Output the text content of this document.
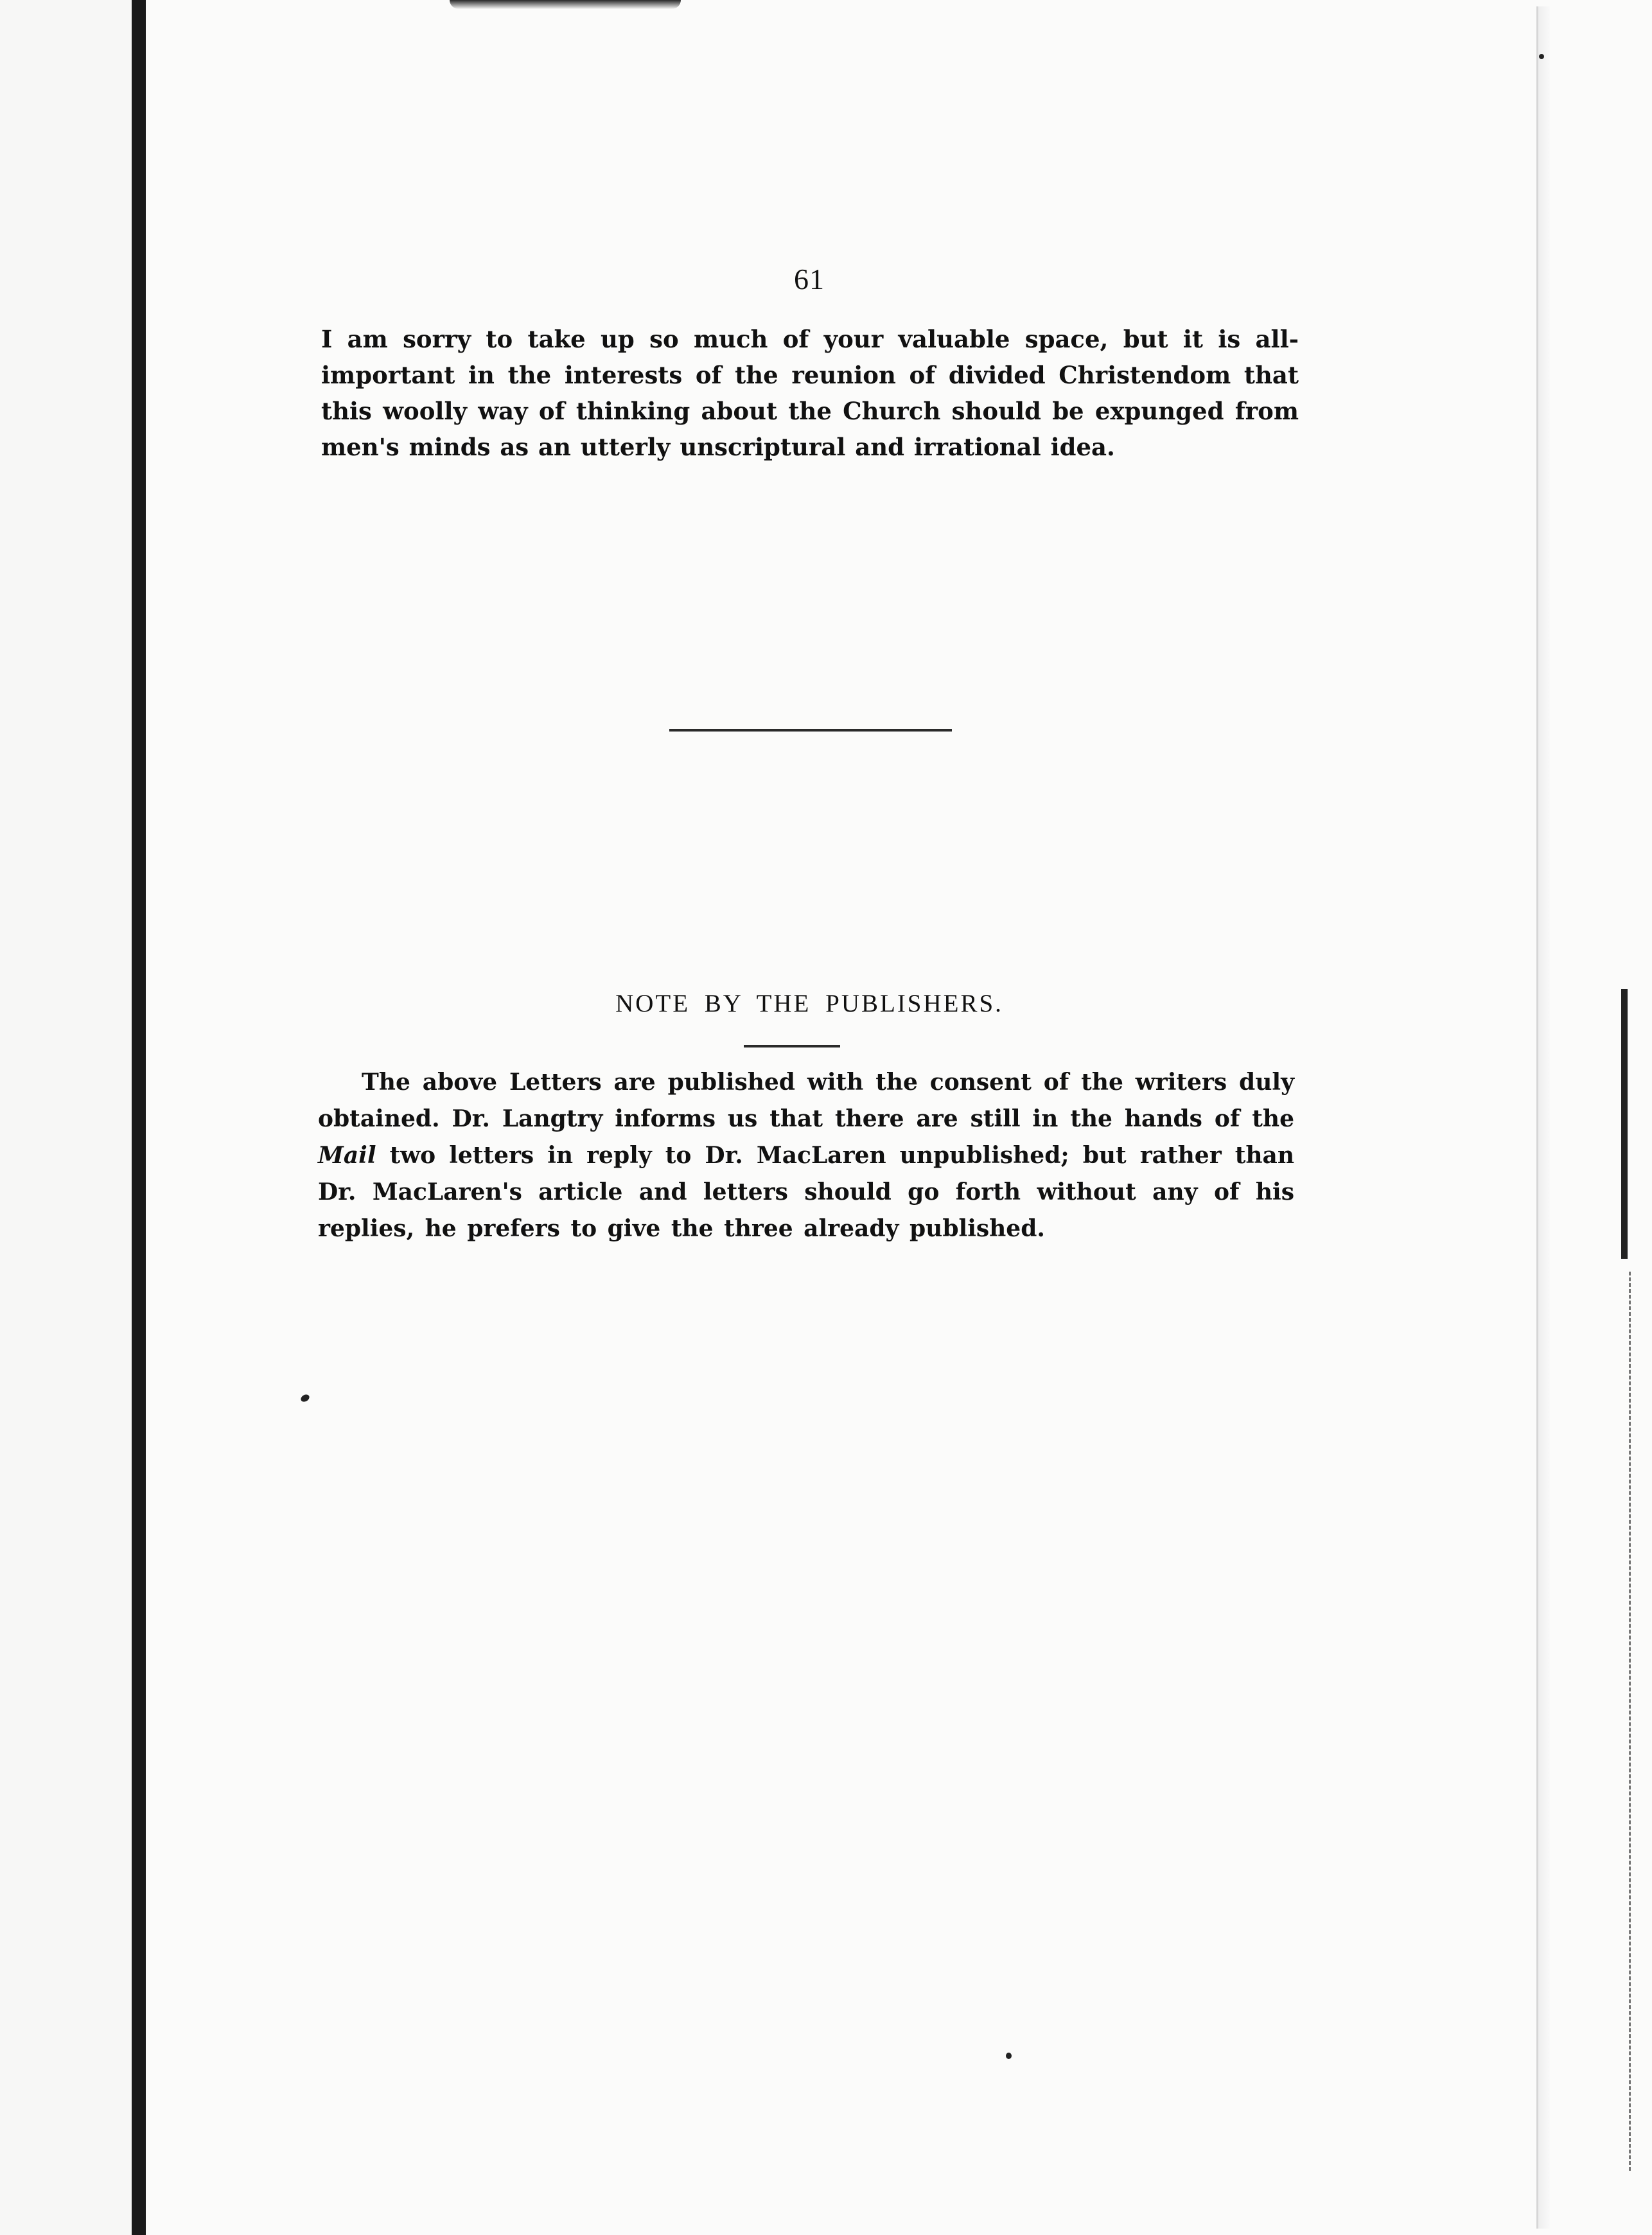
61

I am sorry to take up so much of your valuable space, but it is all-important in the interests of the reunion of divided Christendom that this woolly way of thinking about the Church should be expunged from men's minds as an utterly unscriptural and irrational idea.

NOTE BY THE PUBLISHERS.

The above Letters are published with the consent of the writers duly obtained. Dr. Langtry informs us that there are still in the hands of the Mail two letters in reply to Dr. MacLaren unpublished; but rather than Dr. MacLaren's article and letters should go forth without any of his replies, he prefers to give the three already published.
